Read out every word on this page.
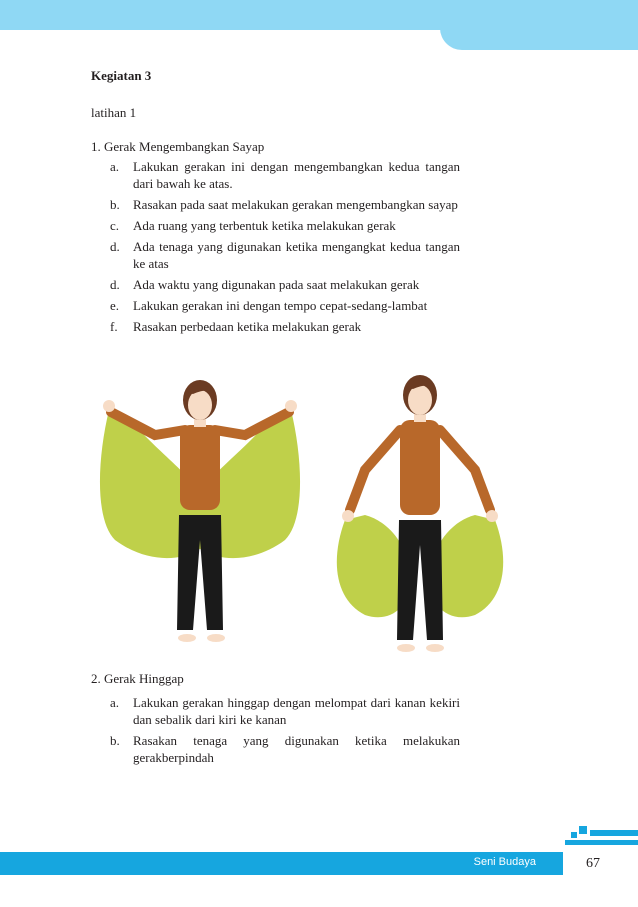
Kegiatan 3
latihan 1
1. Gerak Mengembangkan Sayap
a. Lakukan gerakan ini dengan mengembangkan kedua tangan dari bawah ke atas.
b. Rasakan pada saat melakukan gerakan mengembangkan sayap
c. Ada ruang yang terbentuk ketika melakukan gerak
d. Ada tenaga yang digunakan ketika mengangkat kedua tangan ke atas
d. Ada waktu yang digunakan pada saat melakukan gerak
e. Lakukan gerakan ini dengan tempo cepat-sedang-lambat
f. Rasakan perbedaan ketika melakukan gerak
2. Gerak Hinggap
a. Lakukan gerakan hinggap dengan melompat dari kanan kekiri dan sebalik dari kiri ke kanan
b. Rasakan tenaga yang digunakan ketika melakukan gerakberpindah
Seni Budaya	67
